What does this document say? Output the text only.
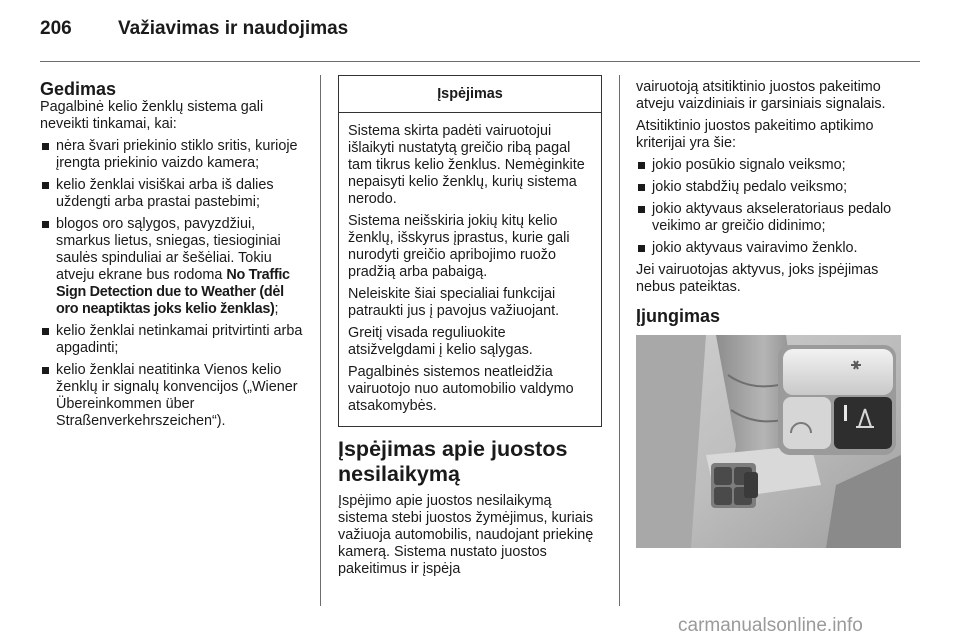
206 Važiavimas ir naudojimas
Gedimas

Pagalbinė kelio ženklų sistema gali neveikti tinkamai, kai:

nėra švari priekinio stiklo sritis, kurioje įrengta priekinio vaizdo kamera;
kelio ženklai visiškai arba iš dalies uždengti arba prastai pastebimi;
blogos oro sąlygos, pavyzdžiui, smarkus lietus, sniegas, tiesioginiai saulės spinduliai ar šešėliai. Tokiu atveju ekrane bus rodoma No Traffic Sign Detection due to Weather (dėl oro neaptiktas joks kelio ženklas);
kelio ženklai netinkamai pritvirtinti arba apgadinti;
kelio ženklai neatitinka Vienos kelio ženklų ir signalų konvencijos („Wiener Übereinkommen über Straßenverkehrszeichen“).
Įspėjimas

Sistema skirta padėti vairuotojui išlaikyti nustatytą greičio ribą pagal tam tikrus kelio ženklus. Nemėginkite nepaisyti kelio ženklų, kurių sistema nerodo.

Sistema neišskiria jokių kitų kelio ženklų, išskyrus įprastus, kurie gali nurodyti greičio apribojimo ruožo pradžią arba pabaigą.

Neleiskite šiai specialiai funkcijai patraukti jus į pavojus važiuojant.

Greitį visada reguliuokite atsižvelgdami į kelio sąlygas.

Pagalbinės sistemos neatleidžia vairuotojo nuo automobilio valdymo atsakomybės.

Įspėjimas apie juostos nesilaikymą

Įspėjimo apie juostos nesilaikymą sistema stebi juostos žymėjimus, kuriais važiuoja automobilis, naudojant priekinę kamerą. Sistema nustato juostos pakeitimus ir įspėja

vairuotoją atsitiktinio juostos pakeitimo atveju vaizdiniais ir garsiniais signalais.

Atsitiktinio juostos pakeitimo aptikimo kriterijai yra šie:

jokio posūkio signalo veiksmo;
jokio stabdžių pedalo veiksmo;
jokio aktyvaus akseleratoriaus pedalo veikimo ar greičio didinimo;
jokio aktyvaus vairavimo ženklo.

Jei vairuotojas aktyvus, joks įspėjimas nebus pateiktas.

Įjungimas
carmanualsonline.info
